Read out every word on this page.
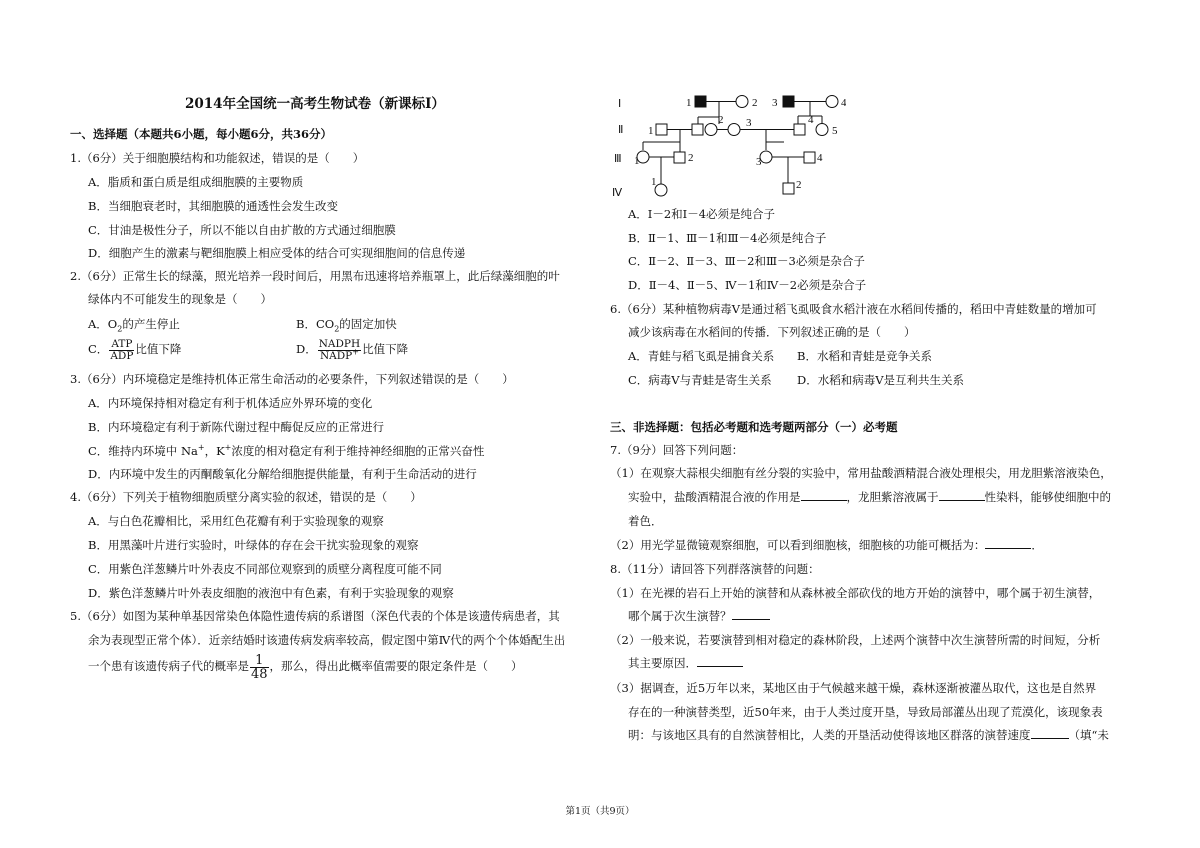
2014年全国统一高考生物试卷（新课标Ⅰ）
一、选择题（本题共6小题，每小题6分，共36分）
1.（6分）关于细胞膜结构和功能叙述，错误的是（　　）
A．脂质和蛋白质是组成细胞膜的主要物质
B．当细胞衰老时，其细胞膜的通透性会发生改变
C．甘油是极性分子，所以不能以自由扩散的方式通过细胞膜
D．细胞产生的激素与靶细胞膜上相应受体的结合可实现细胞间的信息传递
2.（6分）正常生长的绿藻，照光培养一段时间后，用黑布迅速将培养瓶罩上，此后绿藻细胞的叶
绿体内不可能发生的现象是（　　）
A．$O_2$的产生停止	B．$CO_2$的固定加快
C． $\frac{\text{ATP}}{\text{ADP}}$ 比值下降	D． $\frac{\text{NADPH}}{NADP^+}$ 比值下降
3.（6分）内环境稳定是维持机体正常生命活动的必要条件，下列叙述错误的是（　　）
A．内环境保持相对稳定有利于机体适应外界环境的变化
B．内环境稳定有利于新陈代谢过程中酶促反应的正常进行
C．维持内环境中 Na+，K+浓度的相对稳定有利于维持神经细胞的正常兴奋性
D．内环境中发生的丙酮酸氧化分解给细胞提供能量，有利于生命活动的进行
4.（6分）下列关于植物细胞质壁分离实验的叙述，错误的是（　　）
A．与白色花瓣相比，采用红色花瓣有利于实验现象的观察
B．用黑藻叶片进行实验时，叶绿体的存在会干扰实验现象的观察
C．用紫色洋葱鳞片叶外表皮不同部位观察到的质壁分离程度可能不同
D．紫色洋葱鳞片叶外表皮细胞的液泡中有色素，有利于实验现象的观察
5.（6分）如图为某种单基因常染色体隐性遗传病的系谱图（深色代表的个体是该遗传病患者，其
余为表现型正常个体）．近亲结婚时该遗传病发病率较高，假定图中第Ⅳ代的两个个体婚配生出
一个患有该遗传病子代的概率是 $\frac{1}{48}$ ，那么，得出此概率值需要的限定条件是（　　）
Ⅰ
Ⅱ
Ⅲ
Ⅳ
1	2 3	4
1
2 3	4
5
1	2	3	4
1	2
A．Ⅰ－2和Ⅰ－4必须是纯合子
B．Ⅱ－1、Ⅲ－1和Ⅲ－4必须是纯合子
C．Ⅱ－2、Ⅱ－3、Ⅲ－2和Ⅲ－3必须是杂合子
D．Ⅱ－4、Ⅱ－5、Ⅳ－1和Ⅳ－2必须是杂合子
6.（6分）某种植物病毒V是通过稻飞虱吸食水稻汁液在水稻间传播的，稻田中青蛙数量的增加可
减少该病毒在水稻间的传播．下列叙述正确的是（　　）
A．青蛙与稻飞虱是捕食关系 B．水稻和青蛙是竞争关系
C．病毒V与青蛙是寄生关系 D．水稻和病毒V是互利共生关系
三、非选择题：包括必考题和选考题两部分（一）必考题
7.（9分）回答下列问题：
（1）在观察大蒜根尖细胞有丝分裂的实验中，常用盐酸酒精混合液处理根尖，用龙胆紫溶液染色，
实验中，盐酸酒精混合液的作用是	，龙胆紫溶液属于	性染料，能够使细胞中的
着色．
（2）用光学显微镜观察细胞，可以看到细胞核，细胞核的功能可概括为：	．
8.（11分）请回答下列群落演替的问题：
（1）在光裸的岩石上开始的演替和从森林被全部砍伐的地方开始的演替中，哪个属于初生演替，
哪个属于次生演替？
（2）一般来说，若要演替到相对稳定的森林阶段，上述两个演替中次生演替所需的时间短，分析
其主要原因．
（3）据调查，近5万年以来，某地区由于气候越来越干燥，森林逐渐被灌丛取代，这也是自然界
存在的一种演替类型，近50年来，由于人类过度开垦，导致局部灌丛出现了荒漠化，该现象表
明：与该地区具有的自然演替相比，人类的开垦活动使得该地区群落的演替速度	（填“未
第1页（共9页）
